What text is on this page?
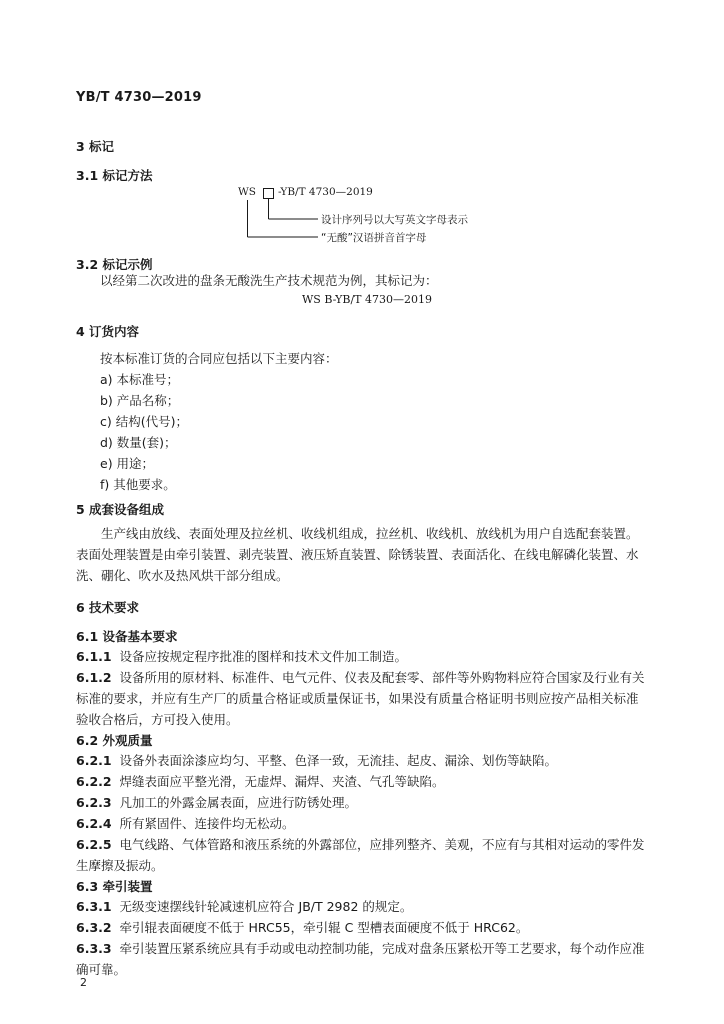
YB/T 4730—2019
3 标记
3.1 标记方法
WS -YB/T 4730—2019
设计序列号以大写英文字母表示
“无酸”汉语拼音首字母
3.2 标记示例
以经第二次改进的盘条无酸洗生产技术规范为例，其标记为：
WS B-YB/T 4730—2019
4 订货内容
按本标准订货的合同应包括以下主要内容：
a) 本标准号；
b) 产品名称；
c) 结构(代号)；
d) 数量(套)；
e) 用途；
f) 其他要求。
5 成套设备组成
生产线由放线、表面处理及拉丝机、收线机组成，拉丝机、收线机、放线机为用户自选配套装置。表面处理装置是由牵引装置、剥壳装置、液压矫直装置、除锈装置、表面活化、在线电解磷化装置、水洗、硼化、吹水及热风烘干部分组成。
6 技术要求
6.1 设备基本要求
6.1.1 设备应按规定程序批准的图样和技术文件加工制造。
6.1.2 设备所用的原材料、标准件、电气元件、仪表及配套零、部件等外购物料应符合国家及行业有关标准的要求，并应有生产厂的质量合格证或质量保证书，如果没有质量合格证明书则应按产品相关标准验收合格后，方可投入使用。
6.2 外观质量
6.2.1 设备外表面涂漆应均匀、平整、色泽一致，无流挂、起皮、漏涂、划伤等缺陷。
6.2.2 焊缝表面应平整光滑，无虚焊、漏焊、夹渣、气孔等缺陷。
6.2.3 凡加工的外露金属表面，应进行防锈处理。
6.2.4 所有紧固件、连接件均无松动。
6.2.5 电气线路、气体管路和液压系统的外露部位，应排列整齐、美观，不应有与其相对运动的零件发生摩擦及振动。
6.3 牵引装置
6.3.1 无级变速摆线针轮减速机应符合 JB/T 2982 的规定。
6.3.2 牵引辊表面硬度不低于 HRC55，牵引辊 C 型槽表面硬度不低于 HRC62。
6.3.3 牵引装置压紧系统应具有手动或电动控制功能，完成对盘条压紧松开等工艺要求，每个动作应准确可靠。
2
